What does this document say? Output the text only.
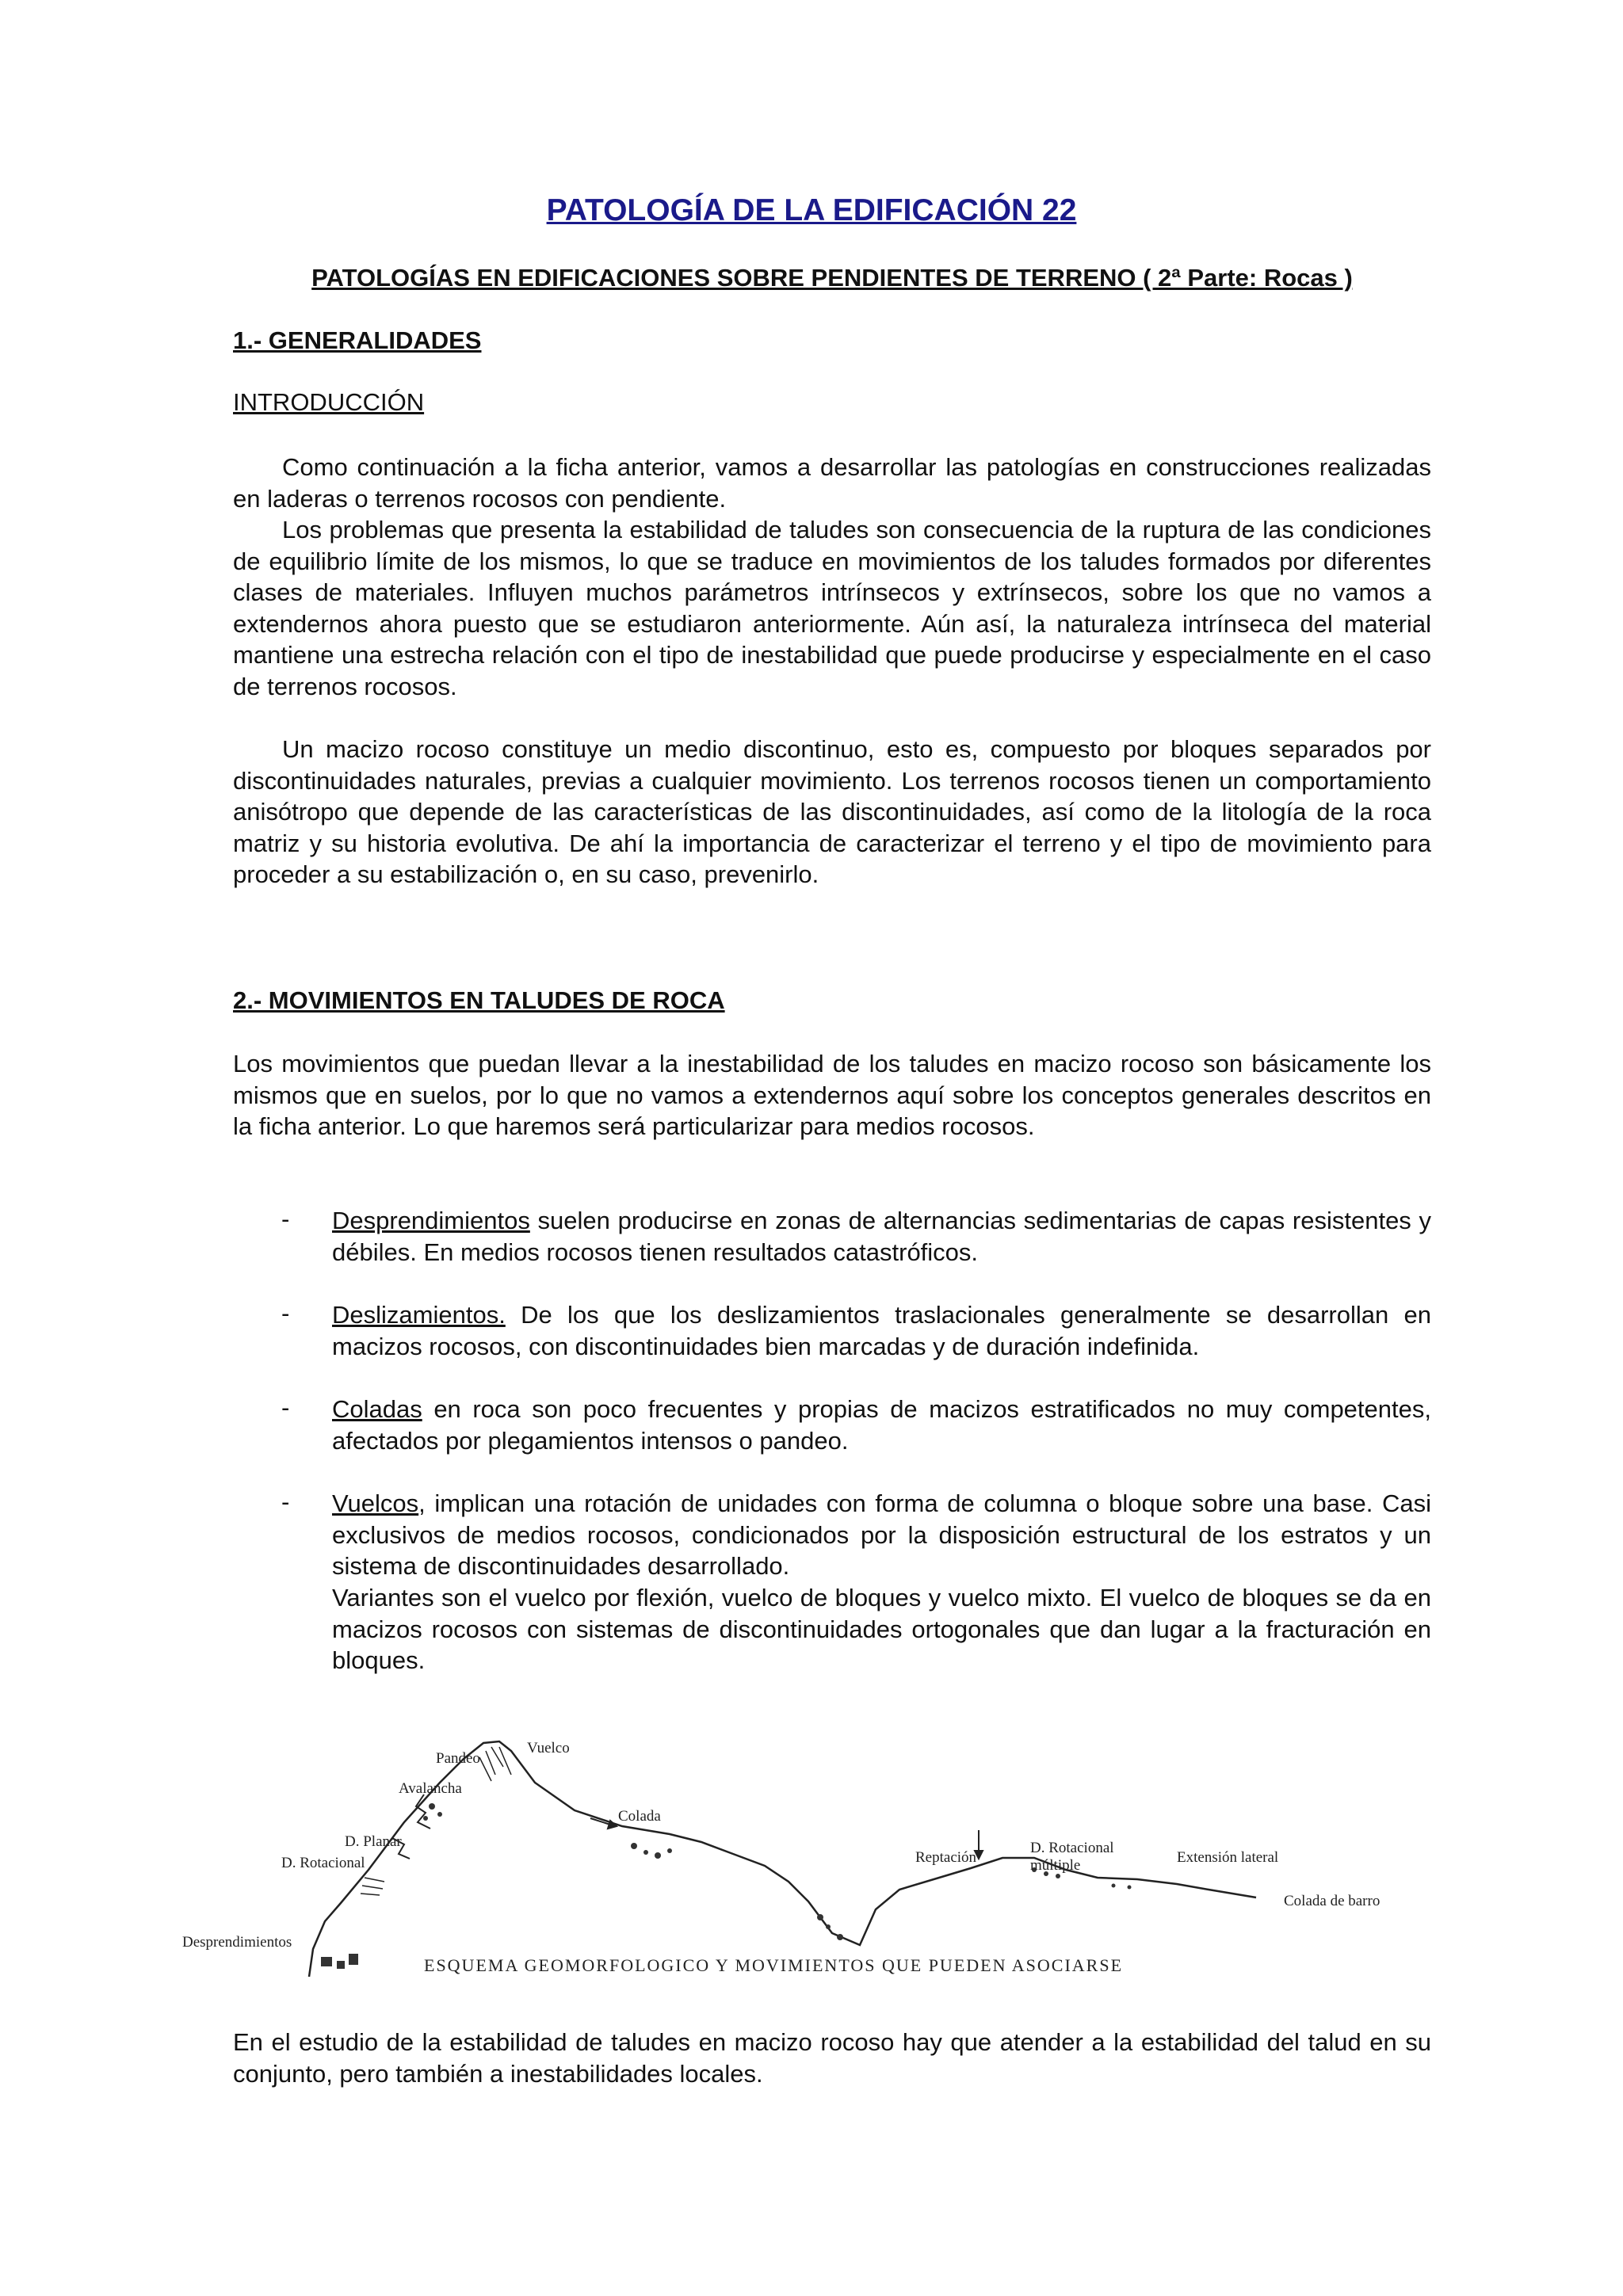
PATOLOGÍA DE LA EDIFICACIÓN 22
PATOLOGÍAS EN EDIFICACIONES SOBRE PENDIENTES DE TERRENO ( 2ª Parte: Rocas )
1.- GENERALIDADES
INTRODUCCIÓN

Como continuación a la ficha anterior, vamos a desarrollar las patologías en construcciones realizadas en laderas o terrenos rocosos con pendiente.

Los problemas que presenta la estabilidad de taludes son consecuencia de la ruptura de las condiciones de equilibrio límite de los mismos, lo que se traduce en movimientos de los taludes formados por diferentes clases de materiales. Influyen muchos parámetros intrínsecos y extrínsecos, sobre los que no vamos a extendernos ahora puesto que se estudiaron anteriormente. Aún así, la naturaleza intrínseca del material mantiene una estrecha relación con el tipo de inestabilidad que puede producirse y especialmente en el caso de terrenos rocosos.

Un macizo rocoso constituye un medio discontinuo, esto es, compuesto por bloques separados por discontinuidades naturales, previas a cualquier movimiento. Los terrenos rocosos tienen un comportamiento anisótropo que depende de las características de las discontinuidades, así como de la litología de la roca matriz y su historia evolutiva. De ahí la importancia de caracterizar el terreno y el tipo de movimiento para proceder a su estabilización o, en su caso, prevenirlo.

2.- MOVIMIENTOS EN TALUDES DE ROCA

Los movimientos que puedan llevar a la inestabilidad de los taludes en macizo rocoso son básicamente los mismos que en suelos, por lo que no vamos a extendernos aquí sobre los conceptos generales descritos en la ficha anterior. Lo que haremos será particularizar para medios rocosos.

- Desprendimientos suelen producirse en zonas de alternancias sedimentarias de capas resistentes y débiles. En medios rocosos tienen resultados catastróficos.

- Deslizamientos. De los que los deslizamientos traslacionales generalmente se desarrollan en macizos rocosos, con discontinuidades bien marcadas y de duración indefinida.

- Coladas en roca son poco frecuentes y propias de macizos estratificados no muy competentes, afectados por plegamientos intensos o pandeo.

- Vuelcos, implican una rotación de unidades con forma de columna o bloque sobre una base. Casi exclusivos de medios rocosos, condicionados por la disposición estructural de los estratos y un sistema de discontinuidades desarrollado.

Variantes son el vuelco por flexión, vuelco de bloques y vuelco mixto. El vuelco de bloques se da en macizos rocosos con sistemas de discontinuidades ortogonales que dan lugar a la fracturación en bloques.

Pandeo
Vuelco
Avalancha
D. Planar
D. Rotacional
Colada
Reptación
D. Rotacional
múltiple	Extensión lateral
Colada de barro
Desprendimientos
ESQUEMA GEOMORFOLOGICO Y MOVIMIENTOS QUE PUEDEN ASOCIARSE

En el estudio de la estabilidad de taludes en macizo rocoso hay que atender a la estabilidad del talud en su conjunto, pero también a inestabilidades locales.
